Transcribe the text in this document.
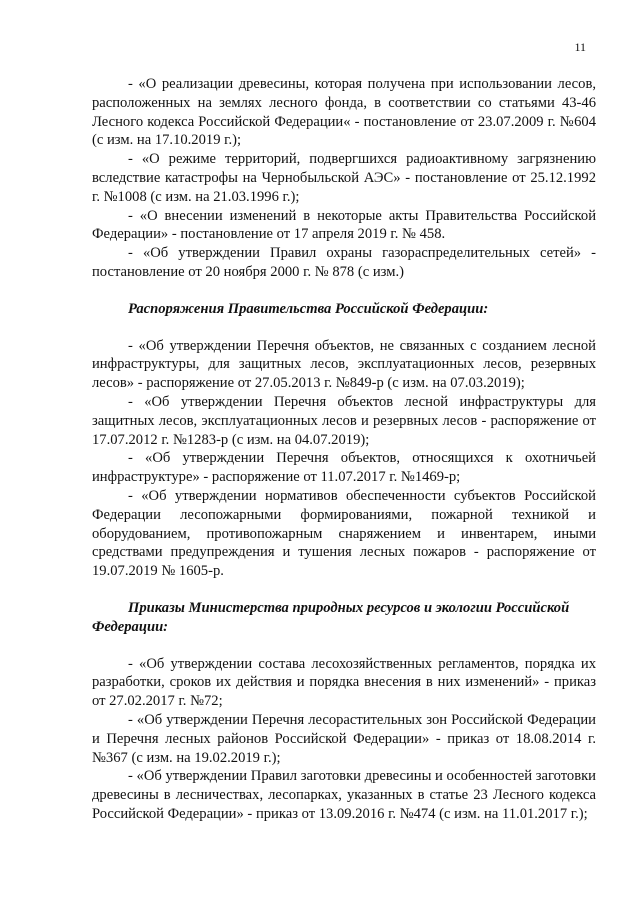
11

- «О реализации древесины, которая получена при использовании лесов, расположенных на землях лесного фонда, в соответствии со статьями 43-46 Лесного кодекса Российской Федерации« - постановление от 23.07.2009 г. №604 (с изм. на 17.10.2019 г.);

- «О режиме территорий, подвергшихся радиоактивному загрязнению вследствие катастрофы на Чернобыльской АЭС» - постановление от 25.12.1992 г. №1008 (с изм. на 21.03.1996 г.);

- «О внесении изменений в некоторые акты Правительства Российской Федерации» - постановление от 17 апреля 2019 г. № 458.

- «Об утверждении Правил охраны газораспределительных сетей» - постановление от 20 ноября 2000 г. № 878 (с изм.)

Распоряжения Правительства Российской Федерации:

- «Об утверждении Перечня объектов, не связанных с созданием лесной инфраструктуры, для защитных лесов, эксплуатационных лесов, резервных лесов» - распоряжение от 27.05.2013 г. №849-р (с изм. на 07.03.2019);

- «Об утверждении Перечня объектов лесной инфраструктуры для защитных лесов, эксплуатационных лесов и резервных лесов - распоряжение от 17.07.2012 г. №1283-р (с изм. на 04.07.2019);

- «Об утверждении Перечня объектов, относящихся к охотничьей инфраструктуре» - распоряжение от 11.07.2017 г. №1469-р;

- «Об утверждении нормативов обеспеченности субъектов Российской Федерации лесопожарными формированиями, пожарной техникой и оборудованием, противопожарным снаряжением и инвентарем, иными средствами предупреждения и тушения лесных пожаров - распоряжение от 19.07.2019 № 1605-р.

Приказы Министерства природных ресурсов и экологии Российской Федерации:

- «Об утверждении состава лесохозяйственных регламентов, порядка их разработки, сроков их действия и порядка внесения в них изменений» - приказ от 27.02.2017 г. №72;

- «Об утверждении Перечня лесорастительных зон Российской Федерации и Перечня лесных районов Российской Федерации» - приказ от 18.08.2014 г. №367 (с изм. на 19.02.2019 г.);

- «Об утверждении Правил заготовки древесины и особенностей заготовки древесины в лесничествах, лесопарках, указанных в статье 23 Лесного кодекса Российской Федерации» - приказ от 13.09.2016 г. №474 (с изм. на 11.01.2017 г.);
